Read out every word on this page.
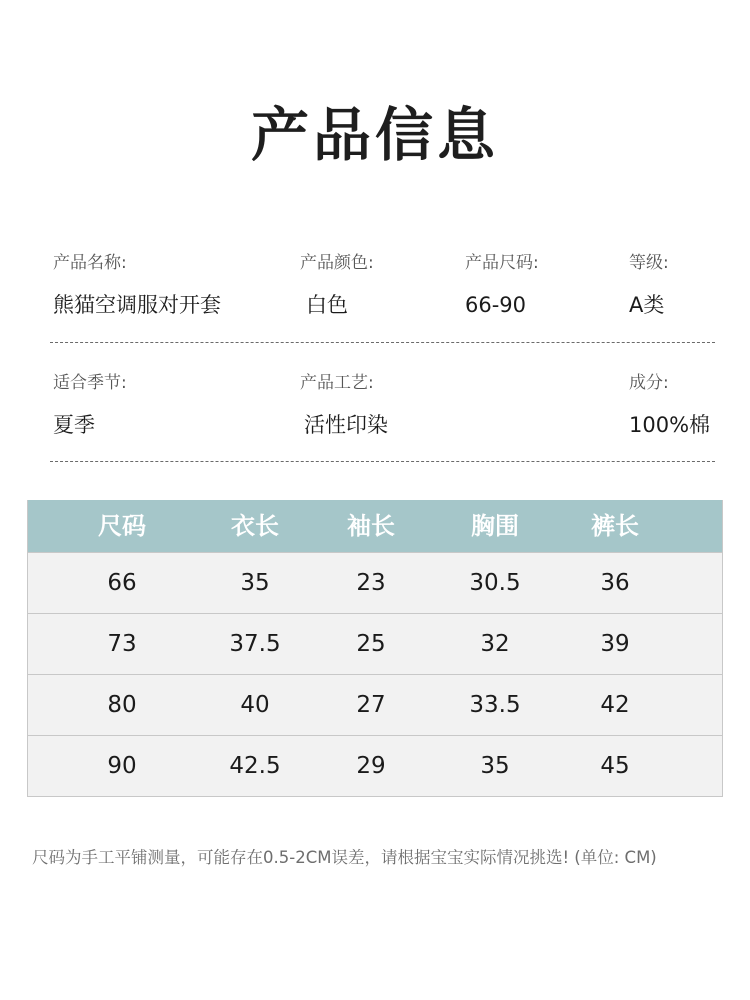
产品信息
产品名称:
熊猫空调服对开套
产品颜色:
白色
产品尺码:
66-90
等级:
A类
适合季节:
夏季
产品工艺:
活性印染
成分:
100%棉
尺码	衣长	袖长	胸围	裤长
66	35	23	30.5	36
73	37.5	25	32	39
80	40	27	33.5	42
90	42.5	29	35	45
尺码为手工平铺测量，可能存在0.5-2CM误差，请根据宝宝实际情况挑选! (单位: CM)
